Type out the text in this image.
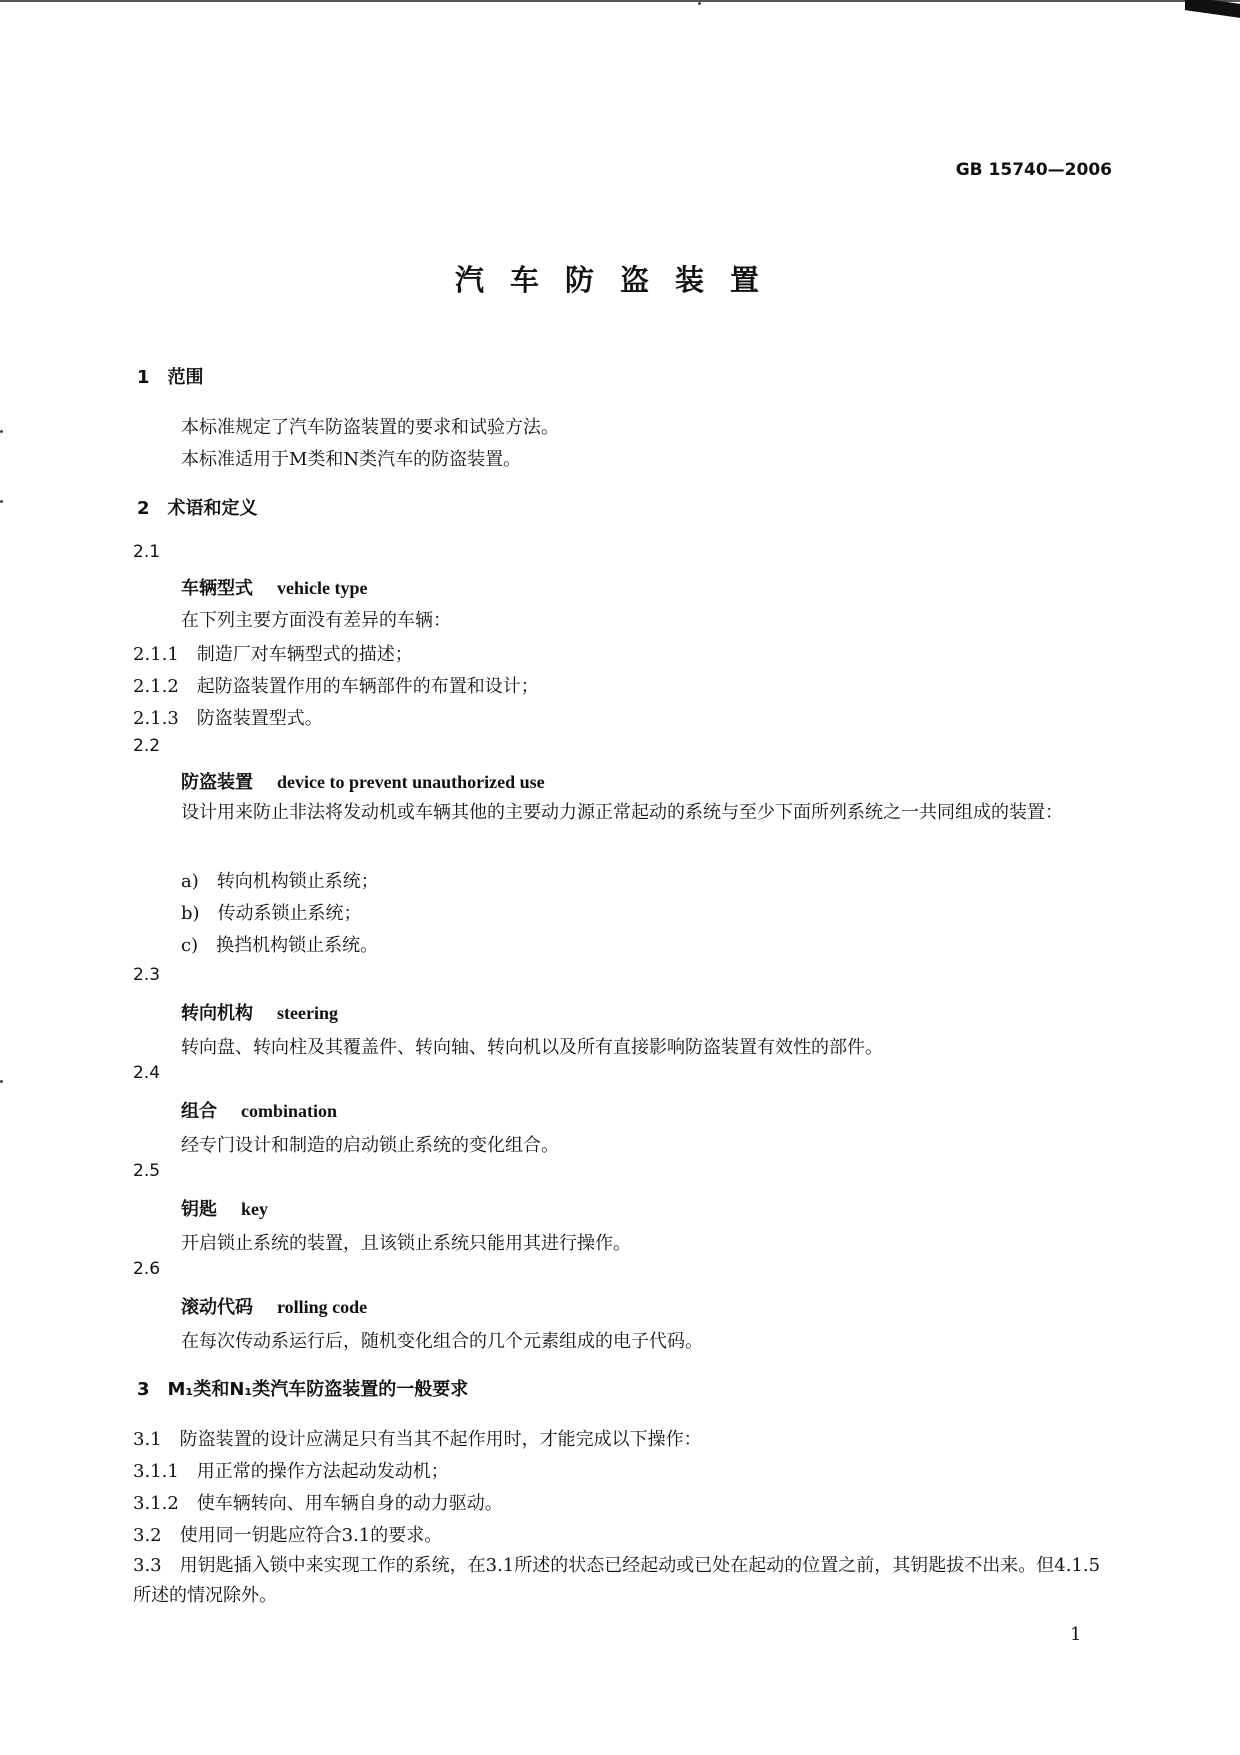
GB 15740—2006
汽车防盗装置
1　范围
本标准规定了汽车防盗装置的要求和试验方法。
本标准适用于M类和N类汽车的防盗装置。
2　术语和定义
2.1
车辆型式 vehicle type
在下列主要方面没有差异的车辆：
2.1.1　制造厂对车辆型式的描述；
2.1.2　起防盗装置作用的车辆部件的布置和设计；
2.1.3　防盗装置型式。
2.2
防盗装置 device to prevent unauthorized use
设计用来防止非法将发动机或车辆其他的主要动力源正常起动的系统与至少下面所列系统之一共同组成的装置：
a)　转向机构锁止系统；
b)　传动系锁止系统；
c)　换挡机构锁止系统。
2.3
转向机构 steering
转向盘、转向柱及其覆盖件、转向轴、转向机以及所有直接影响防盗装置有效性的部件。
2.4
组合 combination
经专门设计和制造的启动锁止系统的变化组合。
2.5
钥匙 key
开启锁止系统的装置，且该锁止系统只能用其进行操作。
2.6
滚动代码 rolling code
在每次传动系运行后，随机变化组合的几个元素组成的电子代码。
3　M₁类和N₁类汽车防盗装置的一般要求
3.1　防盗装置的设计应满足只有当其不起作用时，才能完成以下操作：
3.1.1　用正常的操作方法起动发动机；
3.1.2　使车辆转向、用车辆自身的动力驱动。
3.2　使用同一钥匙应符合3.1的要求。
3.3　用钥匙插入锁中来实现工作的系统，在3.1所述的状态已经起动或已处在起动的位置之前，其钥匙拔不出来。但4.1.5所述的情况除外。
1
